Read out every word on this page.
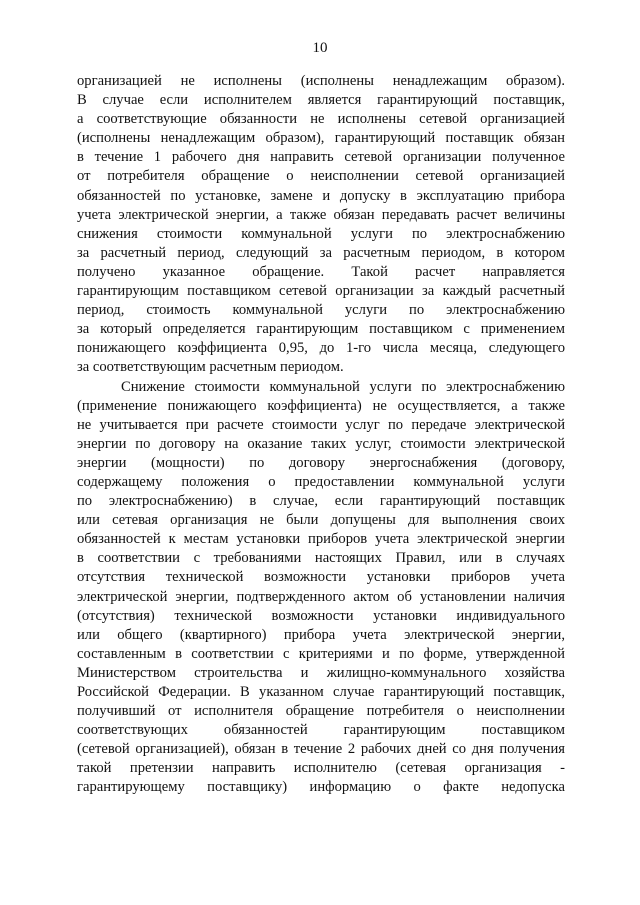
10
организацией не исполнены (исполнены ненадлежащим образом).
В случае если исполнителем является гарантирующий поставщик,
а соответствующие обязанности не исполнены сетевой организацией
(исполнены ненадлежащим образом), гарантирующий поставщик обязан
в течение 1 рабочего дня направить сетевой организации полученное
от потребителя обращение о неисполнении сетевой организацией
обязанностей по установке, замене и допуску в эксплуатацию прибора
учета электрической энергии, а также обязан передавать расчет величины
снижения стоимости коммунальной услуги по электроснабжению
за расчетный период, следующий за расчетным периодом, в котором
получено указанное обращение. Такой расчет направляется
гарантирующим поставщиком сетевой организации за каждый расчетный
период, стоимость коммунальной услуги по электроснабжению
за который определяется гарантирующим поставщиком с применением
понижающего коэффициента 0,95, до 1-го числа месяца, следующего
за соответствующим расчетным периодом.
Снижение стоимости коммунальной услуги по электроснабжению
(применение понижающего коэффициента) не осуществляется, а также
не учитывается при расчете стоимости услуг по передаче электрической
энергии по договору на оказание таких услуг, стоимости электрической
энергии (мощности) по договору энергоснабжения (договору,
содержащему положения о предоставлении коммунальной услуги
по электроснабжению) в случае, если гарантирующий поставщик
или сетевая организация не были допущены для выполнения своих
обязанностей к местам установки приборов учета электрической энергии
в соответствии с требованиями настоящих Правил, или в случаях
отсутствия технической возможности установки приборов учета
электрической энергии, подтвержденного актом об установлении наличия
(отсутствия) технической возможности установки индивидуального
или общего (квартирного) прибора учета электрической энергии,
составленным в соответствии с критериями и по форме, утвержденной
Министерством строительства и жилищно-коммунального хозяйства
Российской Федерации. В указанном случае гарантирующий поставщик,
получивший от исполнителя обращение потребителя о неисполнении
соответствующих обязанностей гарантирующим поставщиком
(сетевой организацией), обязан в течение 2 рабочих дней со дня получения
такой претензии направить исполнителю (сетевая организация -
гарантирующему поставщику) информацию о факте недопуска
